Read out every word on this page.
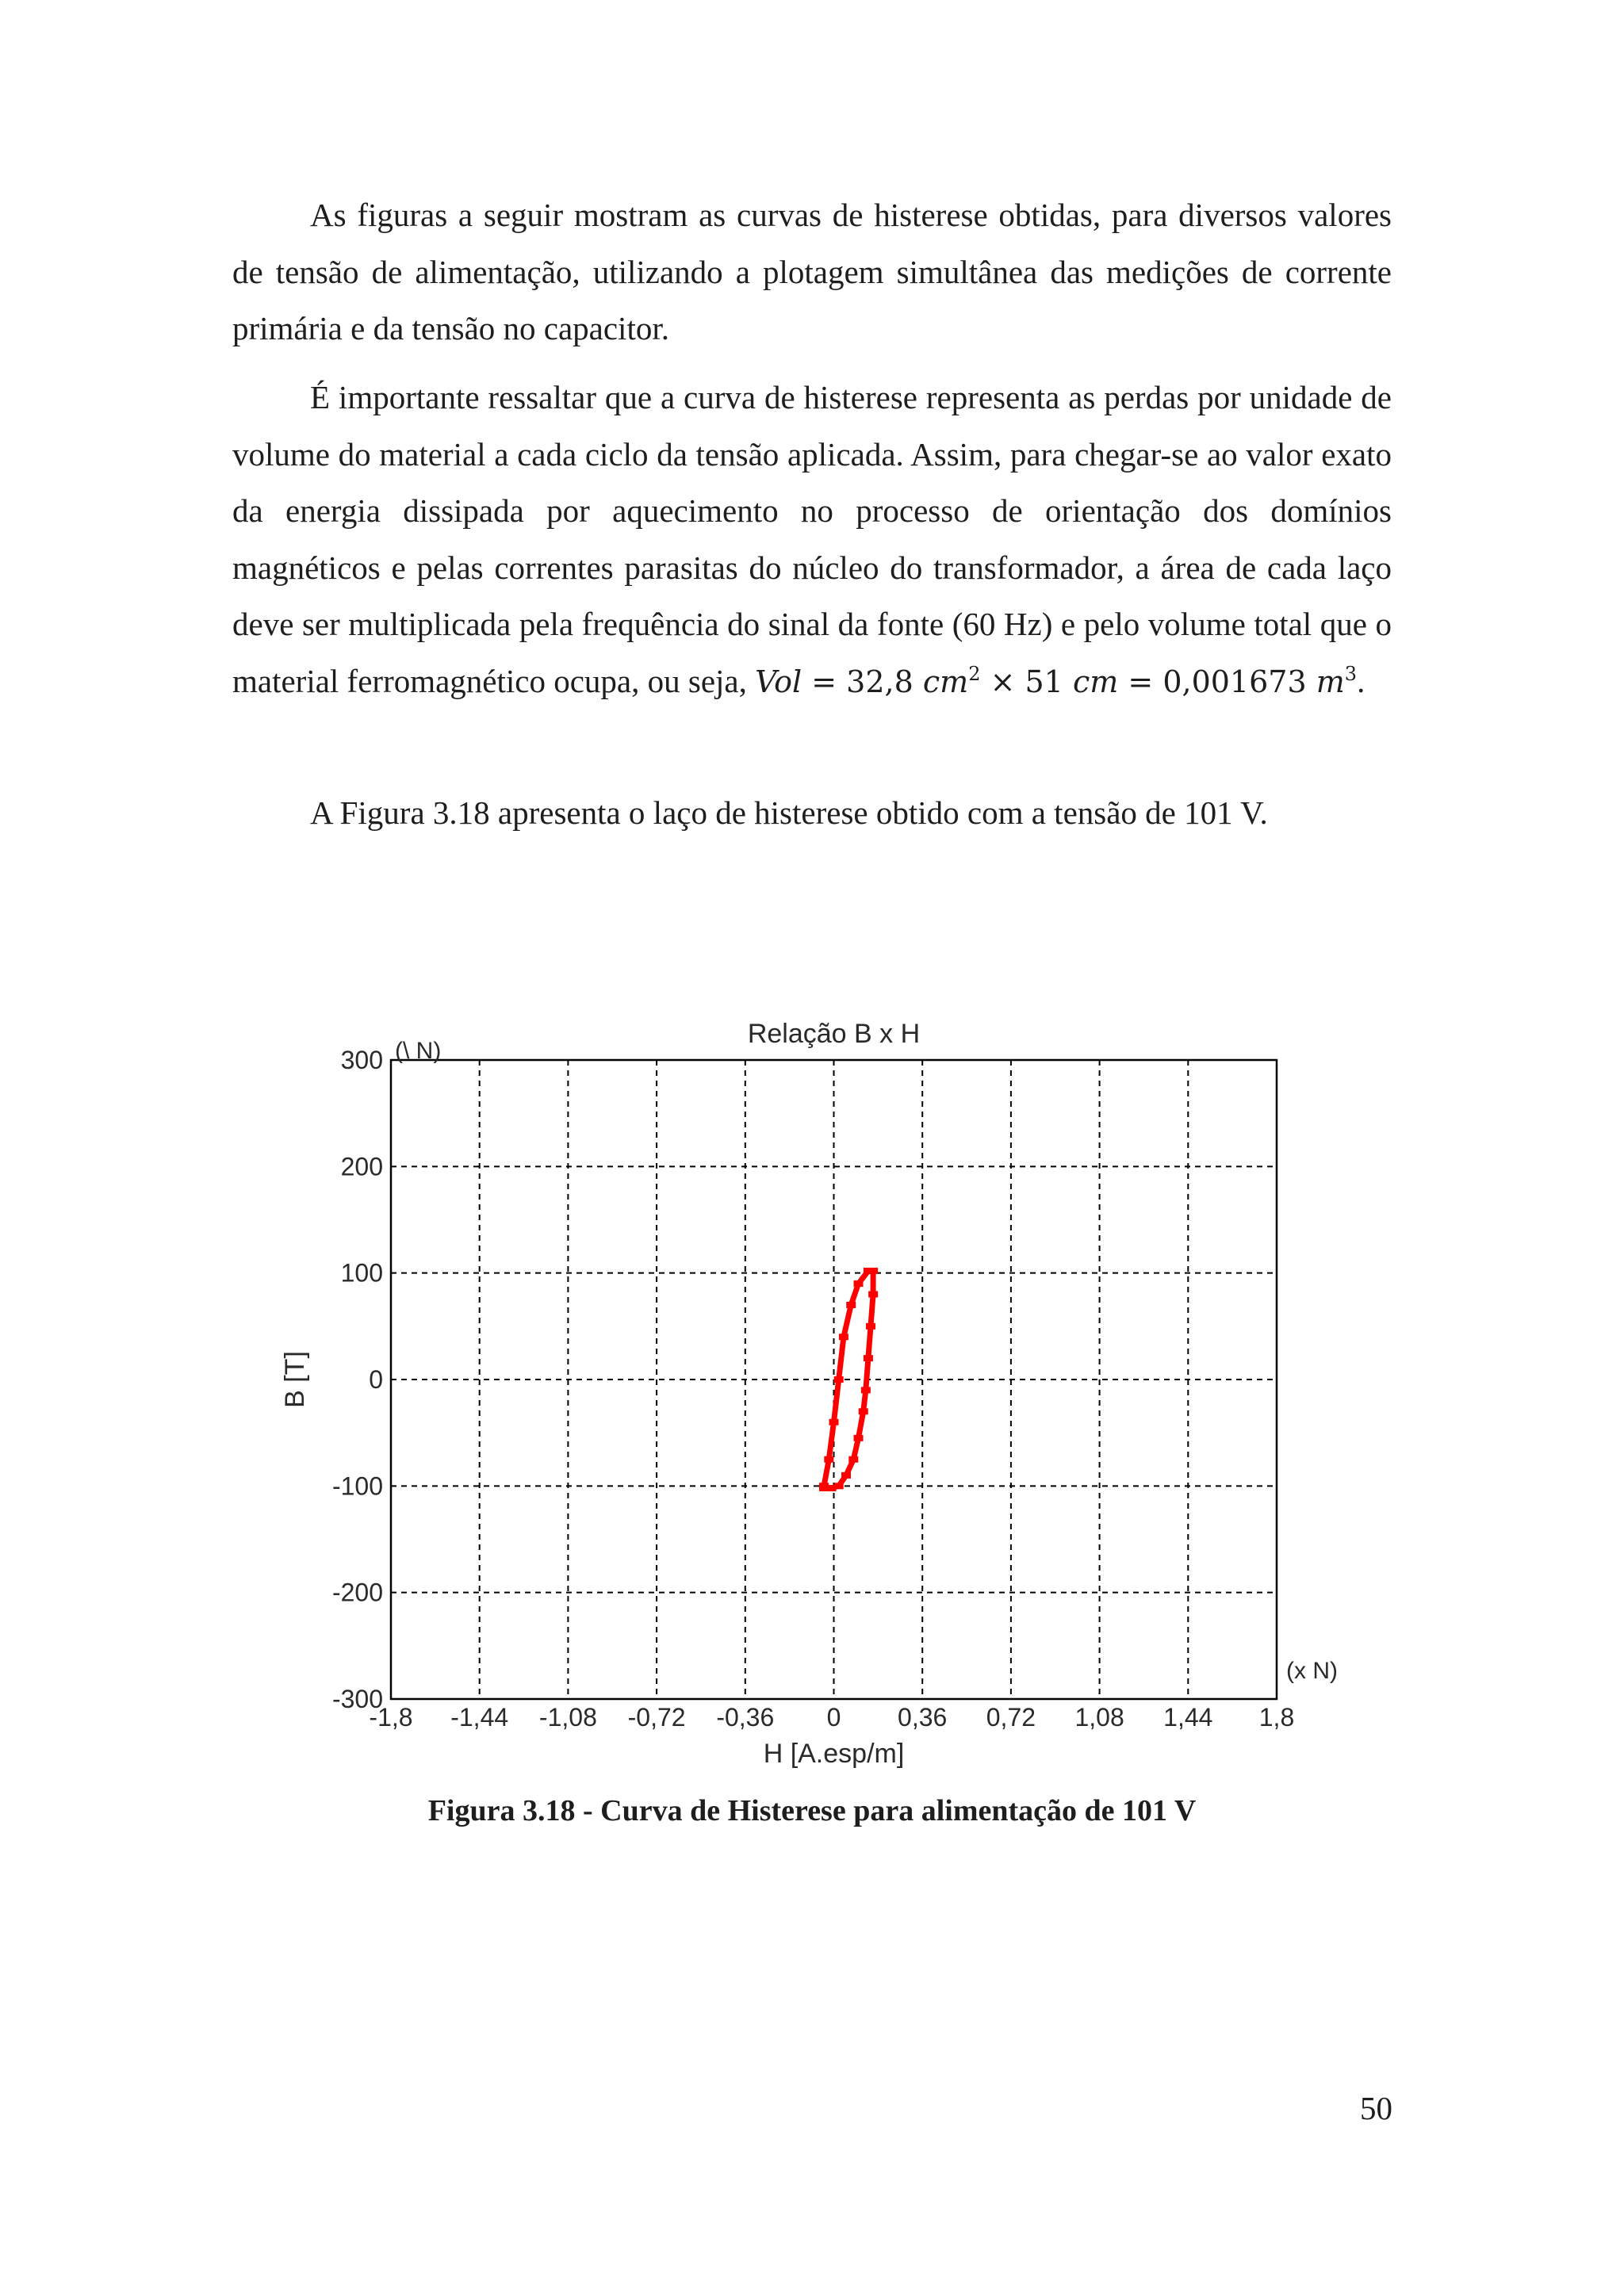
As figuras a seguir mostram as curvas de histerese obtidas, para diversos valores de tensão de alimentação, utilizando a plotagem simultânea das medições de corrente primária e da tensão no capacitor.

É importante ressaltar que a curva de histerese representa as perdas por unidade de volume do material a cada ciclo da tensão aplicada. Assim, para chegar-se ao valor exato da energia dissipada por aquecimento no processo de orientação dos domínios magnéticos e pelas correntes parasitas do núcleo do transformador, a área de cada laço deve ser multiplicada pela frequência do sinal da fonte (60 Hz) e pelo volume total que o material ferromagnético ocupa, ou seja, Vol = 32,8 $cm^2 \times 51$ cm = 0,001673 $m^3$.

A Figura 3.18 apresenta o laço de histerese obtido com a tensão de 101 V.

300
200
100
0
-100
-200
-300
-1,8 -1,44 -1,08 -0,72 -0,36 0 0,36 0,72 1,08 1,44 1,8
Relação B x H
H [A.esp/m]
B [T]
(x N)
(\ N)

Figura 3.18 - Curva de Histerese para alimentação de 101 V

50
